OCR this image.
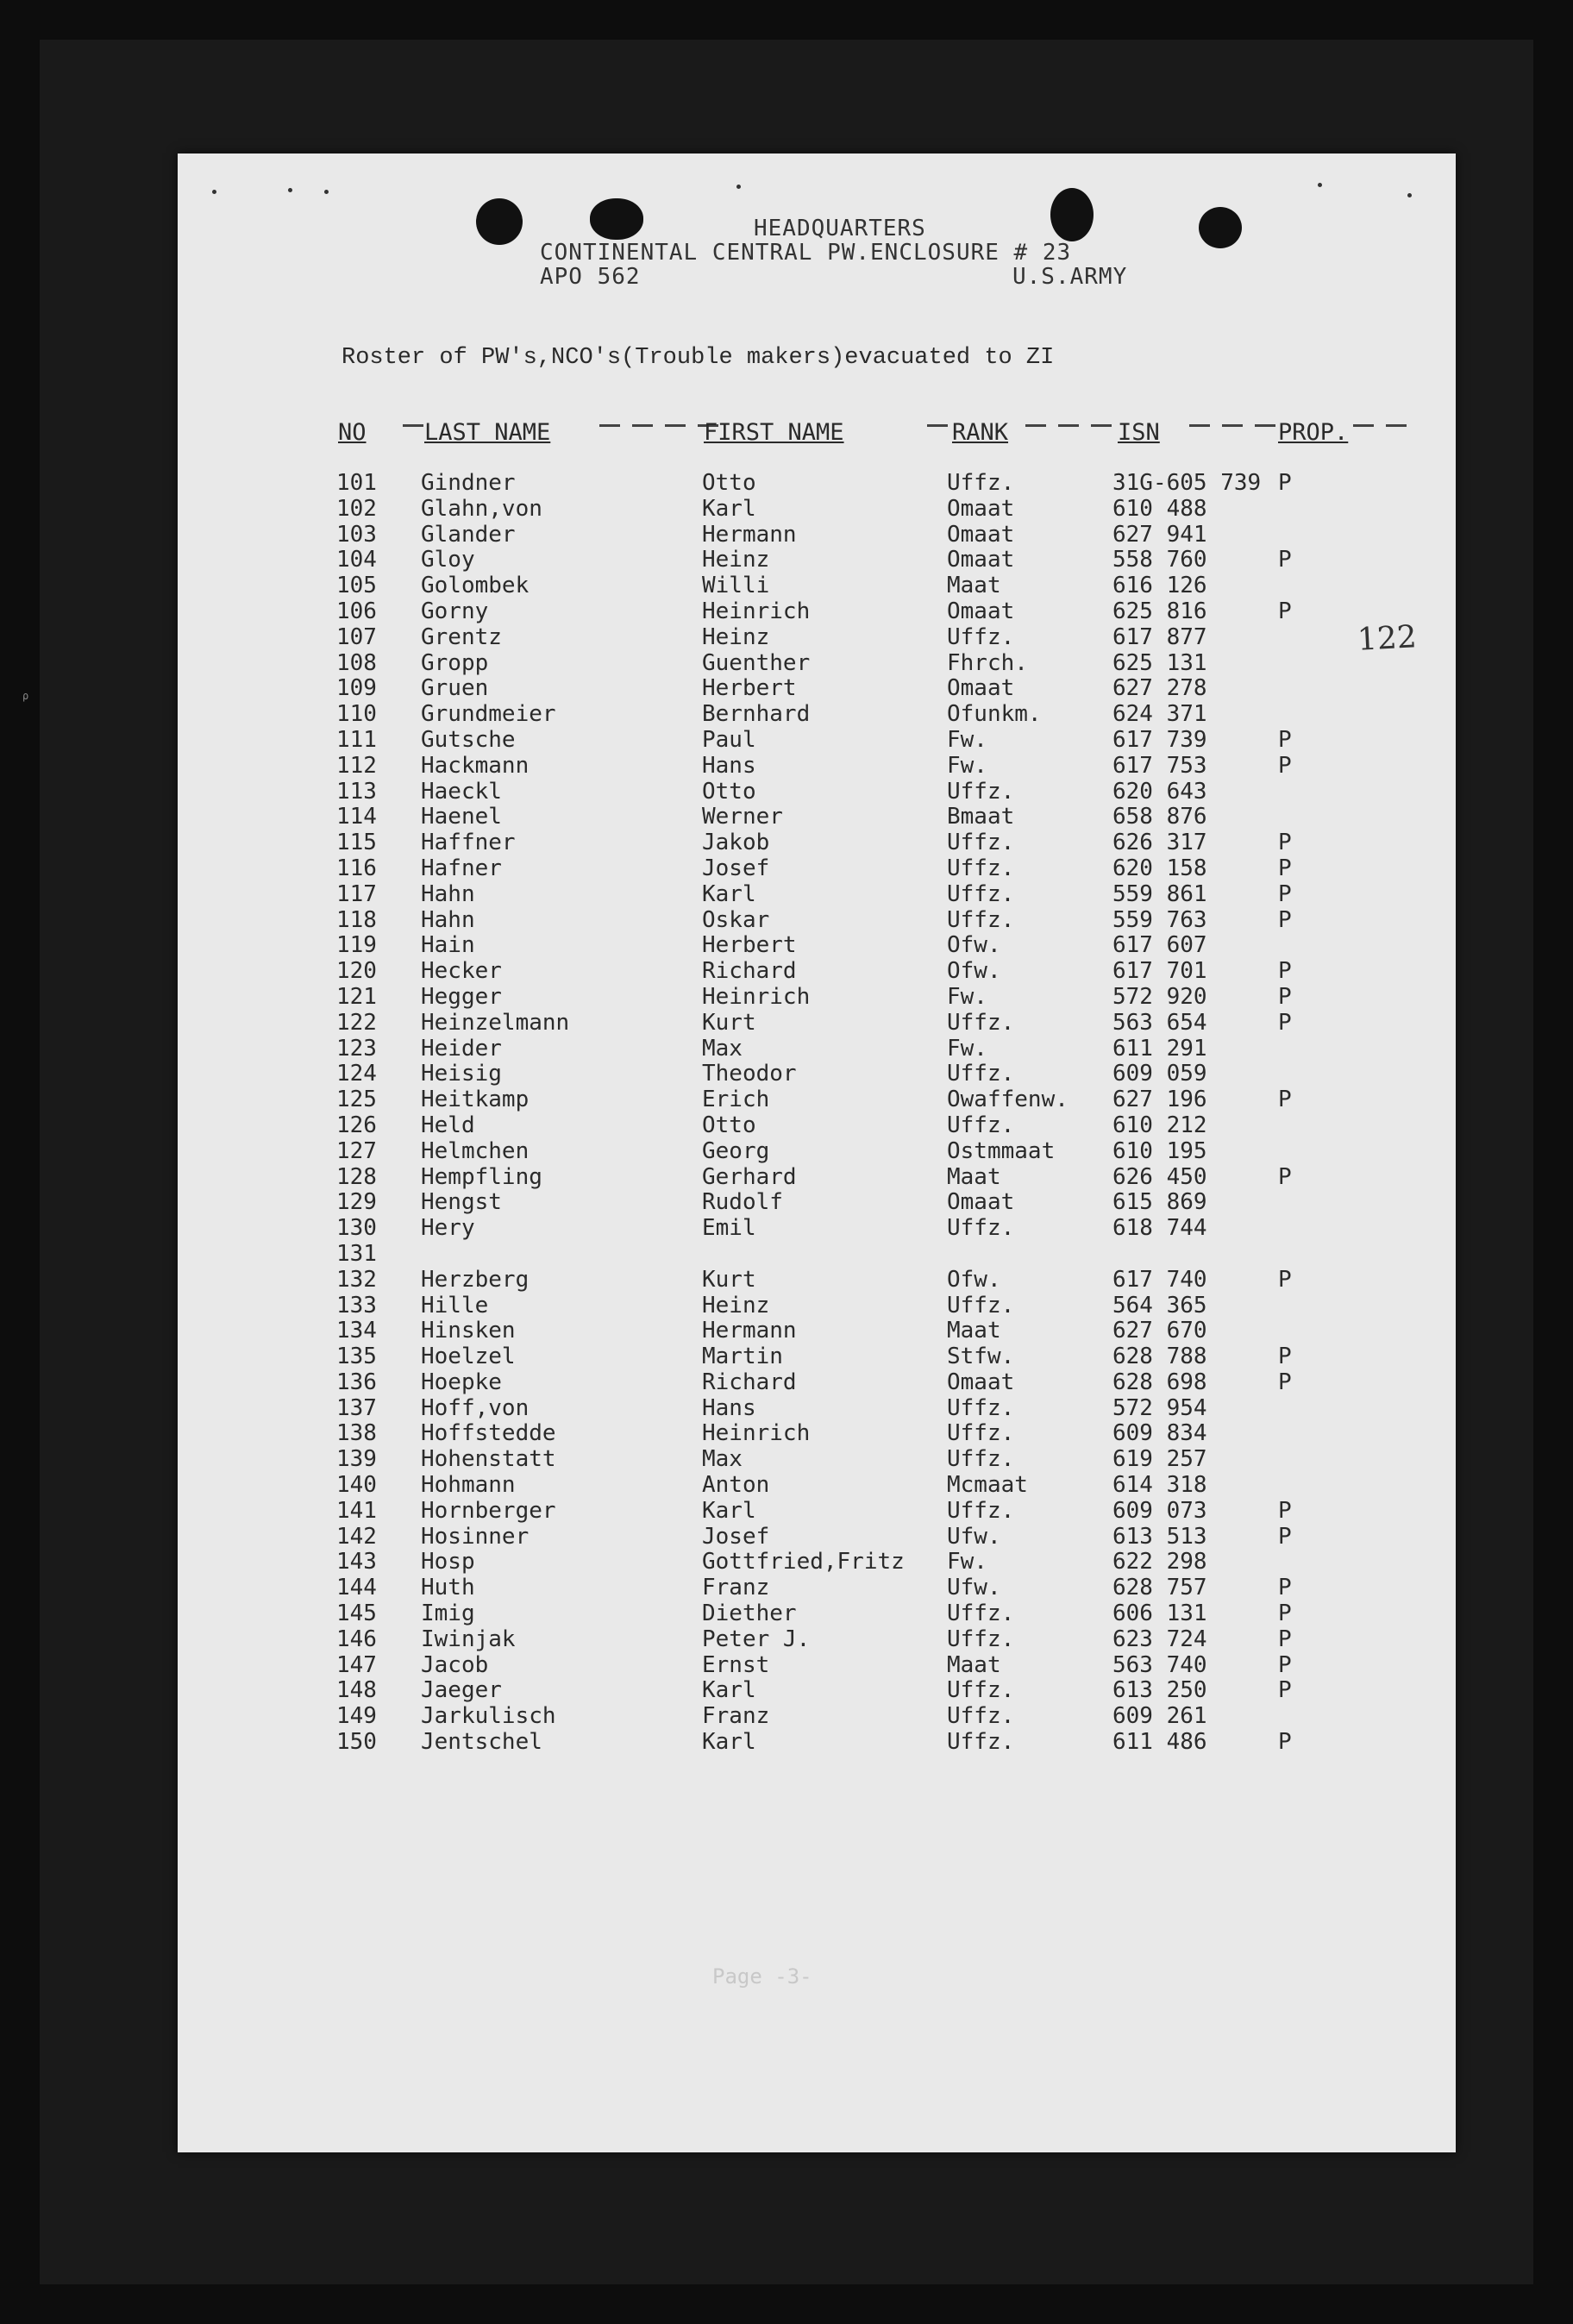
ρ
HEADQUARTERS
CONTINENTAL CENTRAL PW.ENCLOSURE # 23
APO 562	U.S.ARMY
Roster of PW's,NCO's(Trouble makers)evacuated to ZI
NO LAST NAME	FIRST NAME	RANK	ISN	PROP.
122
101 Gindner	Otto	Uffz.	31G-605 739 P
102 Glahn,von	Karl	Omaat	610 488
103 Glander	Hermann	Omaat	627 941
104 Gloy	Heinz	Omaat	558 760	P
105 Golombek	Willi	Maat	616 126
106 Gorny	Heinrich	Omaat	625 816	P
107 Grentz	Heinz	Uffz.	617 877
108 Gropp	Guenther	Fhrch.	625 131
109 Gruen	Herbert	Omaat	627 278
110 Grundmeier	Bernhard	Ofunkm.	624 371
111 Gutsche	Paul	Fw.	617 739	P
112 Hackmann	Hans	Fw.	617 753	P
113 Haeckl	Otto	Uffz.	620 643
114 Haenel	Werner	Bmaat	658 876
115 Haffner	Jakob	Uffz.	626 317	P
116 Hafner	Josef	Uffz.	620 158	P
117 Hahn	Karl	Uffz.	559 861	P
118 Hahn	Oskar	Uffz.	559 763	P
119 Hain	Herbert	Ofw.	617 607
120 Hecker	Richard	Ofw.	617 701	P
121 Hegger	Heinrich	Fw.	572 920	P
122 Heinzelmann	Kurt	Uffz.	563 654	P
123 Heider	Max	Fw.	611 291
124 Heisig	Theodor	Uffz.	609 059
125 Heitkamp	Erich	Owaffenw. 627 196	P
126 Held	Otto	Uffz.	610 212
127 Helmchen	Georg	Ostmmaat	610 195
128 Hempfling	Gerhard	Maat	626 450	P
129 Hengst	Rudolf	Omaat	615 869
130 Hery	Emil	Uffz.	618 744
131
132 Herzberg	Kurt	Ofw.	617 740	P
133 Hille	Heinz	Uffz.	564 365
134 Hinsken	Hermann	Maat	627 670
135 Hoelzel	Martin	Stfw.	628 788	P
136 Hoepke	Richard	Omaat	628 698	P
137 Hoff,von	Hans	Uffz.	572 954
138 Hoffstedde	Heinrich	Uffz.	609 834
139 Hohenstatt	Max	Uffz.	619 257
140 Hohmann	Anton	Mcmaat	614 318
141 Hornberger	Karl	Uffz.	609 073	P
142 Hosinner	Josef	Ufw.	613 513	P
143 Hosp	Gottfried,Fritz Fw.	622 298
144 Huth	Franz	Ufw.	628 757	P
145 Imig	Diether	Uffz.	606 131	P
146 Iwinjak	Peter J.	Uffz.	623 724	P
147 Jacob	Ernst	Maat	563 740	P
148 Jaeger	Karl	Uffz.	613 250	P
149 Jarkulisch	Franz	Uffz.	609 261
150 Jentschel	Karl	Uffz.	611 486	P
Page -3-
